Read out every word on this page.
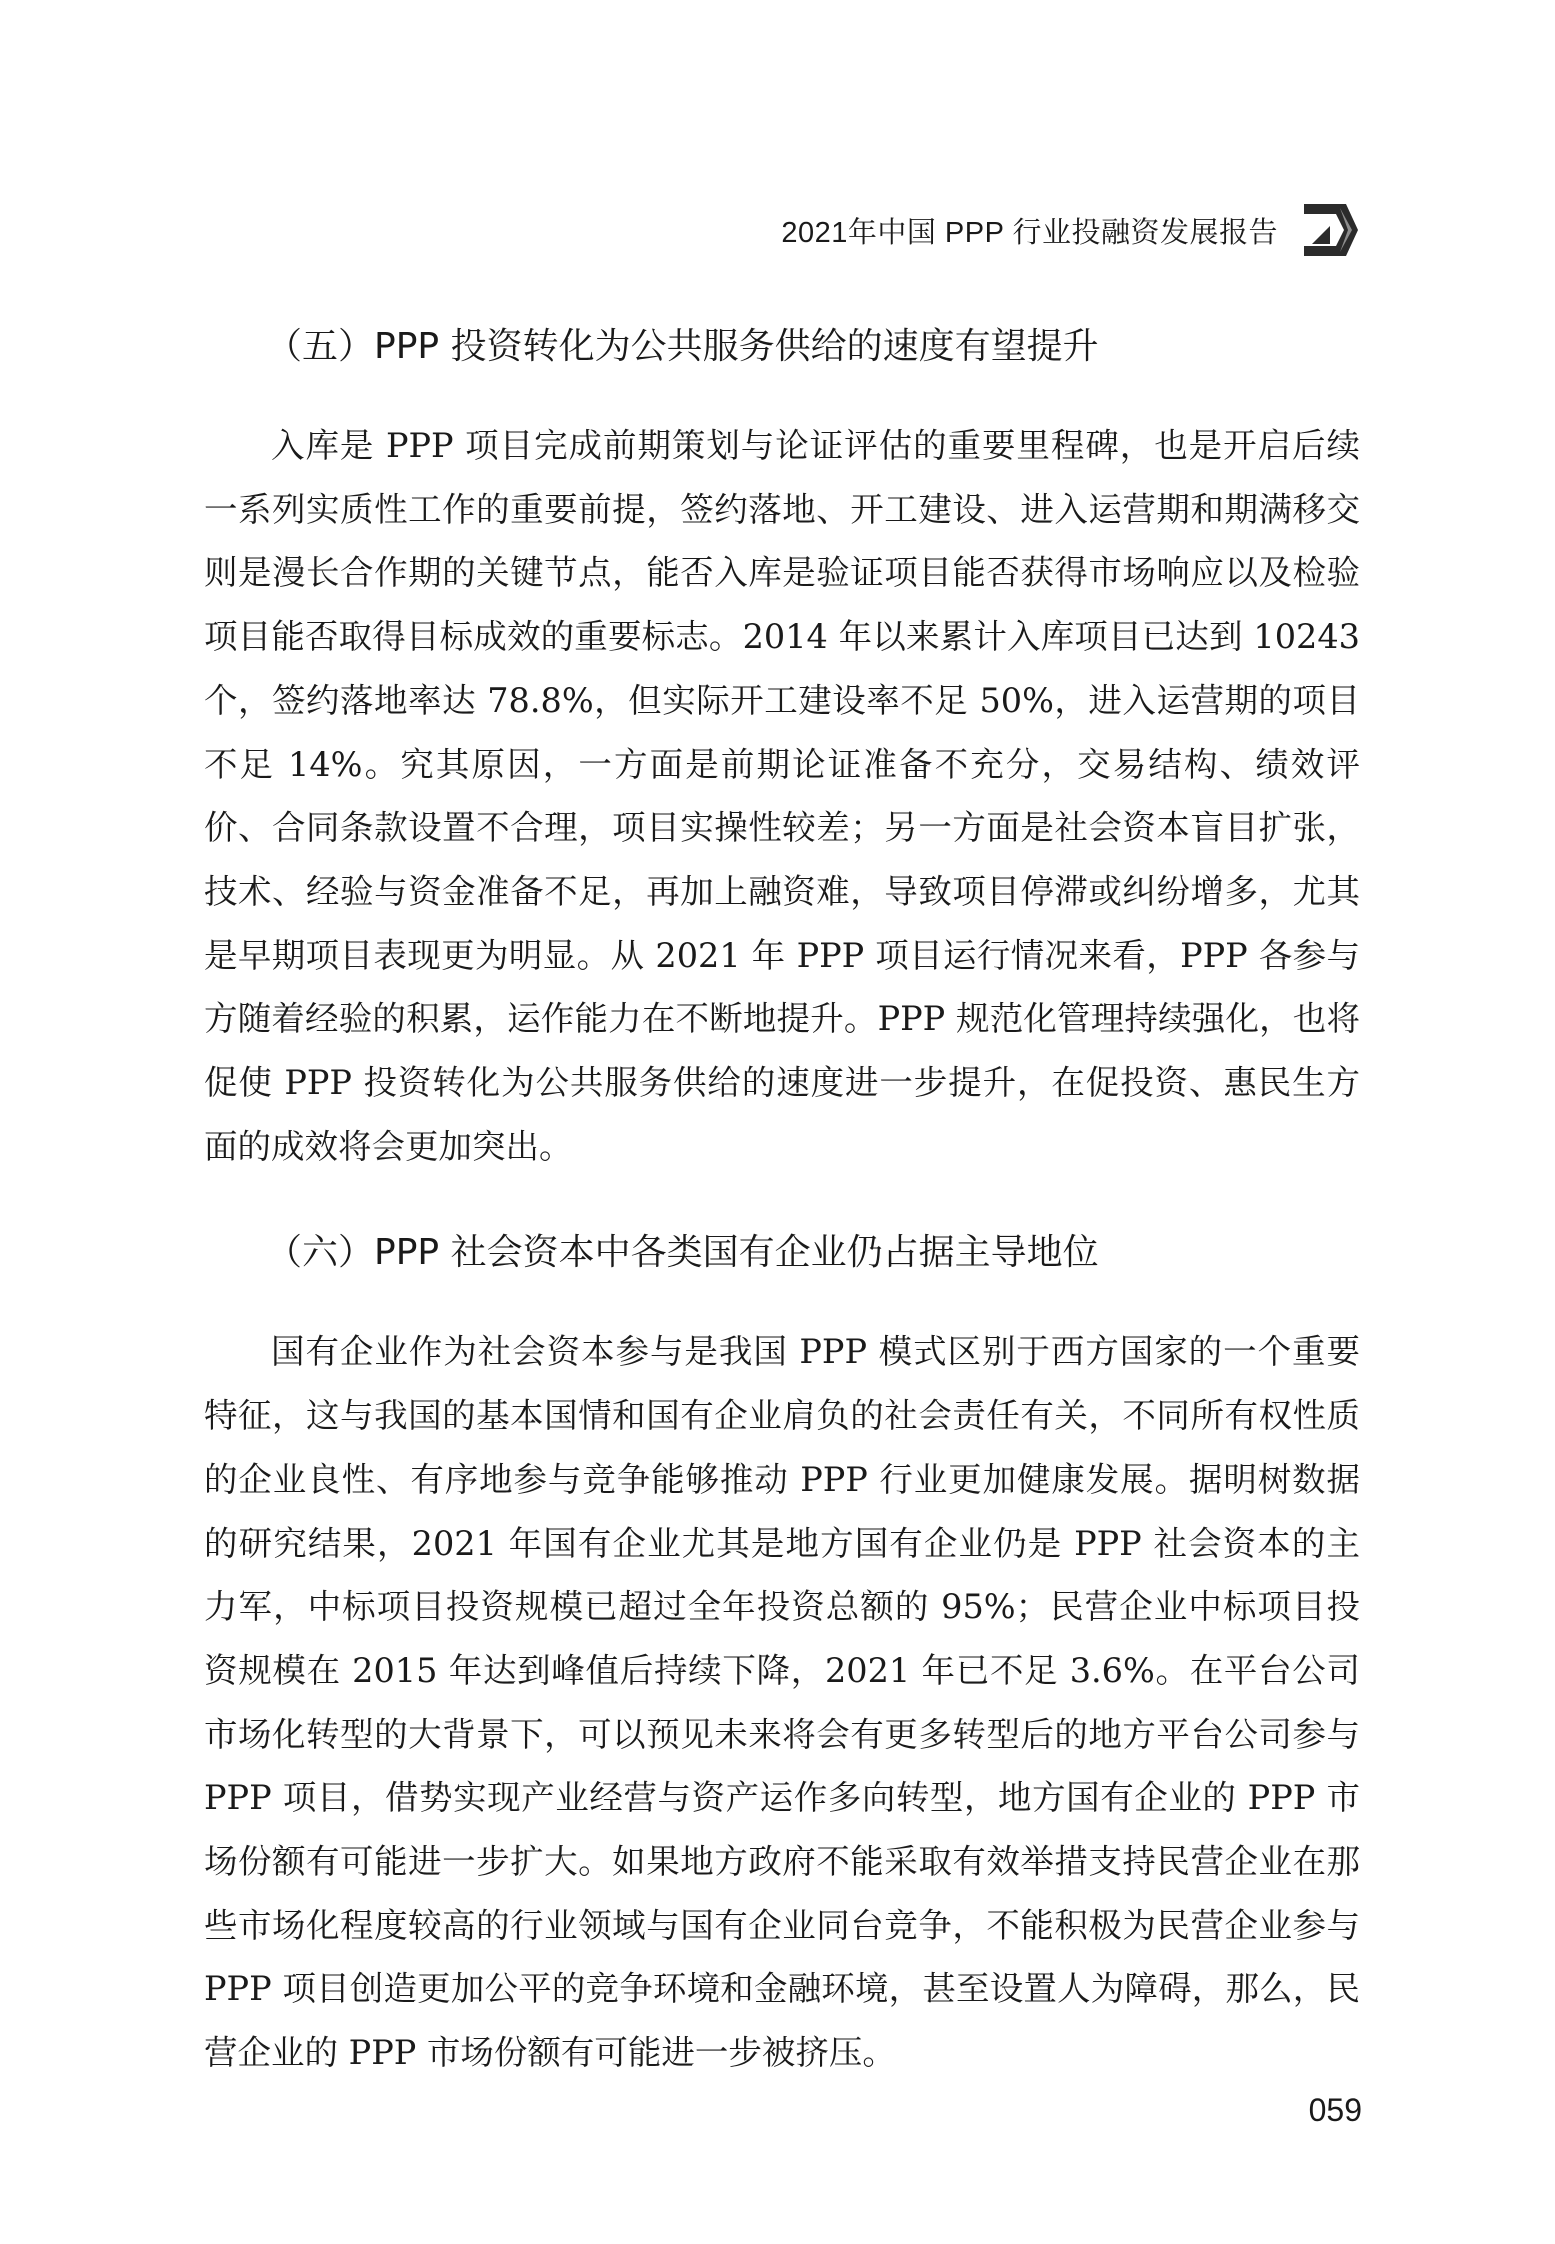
2021年中国 PPP 行业投融资发展报告
（五）PPP 投资转化为公共服务供给的速度有望提升

入库是 PPP 项目完成前期策划与论证评估的重要里程碑，也是开启后续一系列实质性工作的重要前提，签约落地、开工建设、进入运营期和期满移交则是漫长合作期的关键节点，能否入库是验证项目能否获得市场响应以及检验项目能否取得目标成效的重要标志。2014 年以来累计入库项目已达到 10243 个，签约落地率达 78.8%，但实际开工建设率不足 50%，进入运营期的项目不足 14%。究其原因，一方面是前期论证准备不充分，交易结构、绩效评价、合同条款设置不合理，项目实操性较差；另一方面是社会资本盲目扩张，技术、经验与资金准备不足，再加上融资难，导致项目停滞或纠纷增多，尤其是早期项目表现更为明显。从 2021 年 PPP 项目运行情况来看，PPP 各参与方随着经验的积累，运作能力在不断地提升。PPP 规范化管理持续强化，也将促使 PPP 投资转化为公共服务供给的速度进一步提升，在促投资、惠民生方面的成效将会更加突出。

（六）PPP 社会资本中各类国有企业仍占据主导地位

国有企业作为社会资本参与是我国 PPP 模式区别于西方国家的一个重要特征，这与我国的基本国情和国有企业肩负的社会责任有关，不同所有权性质的企业良性、有序地参与竞争能够推动 PPP 行业更加健康发展。据明树数据的研究结果，2021 年国有企业尤其是地方国有企业仍是 PPP 社会资本的主力军，中标项目投资规模已超过全年投资总额的 95%；民营企业中标项目投资规模在 2015 年达到峰值后持续下降，2021 年已不足 3.6%。在平台公司市场化转型的大背景下，可以预见未来将会有更多转型后的地方平台公司参与 PPP 项目，借势实现产业经营与资产运作多向转型，地方国有企业的 PPP 市场份额有可能进一步扩大。如果地方政府不能采取有效举措支持民营企业在那些市场化程度较高的行业领域与国有企业同台竞争，不能积极为民营企业参与 PPP 项目创造更加公平的竞争环境和金融环境，甚至设置人为障碍，那么，民营企业的 PPP 市场份额有可能进一步被挤压。

059
